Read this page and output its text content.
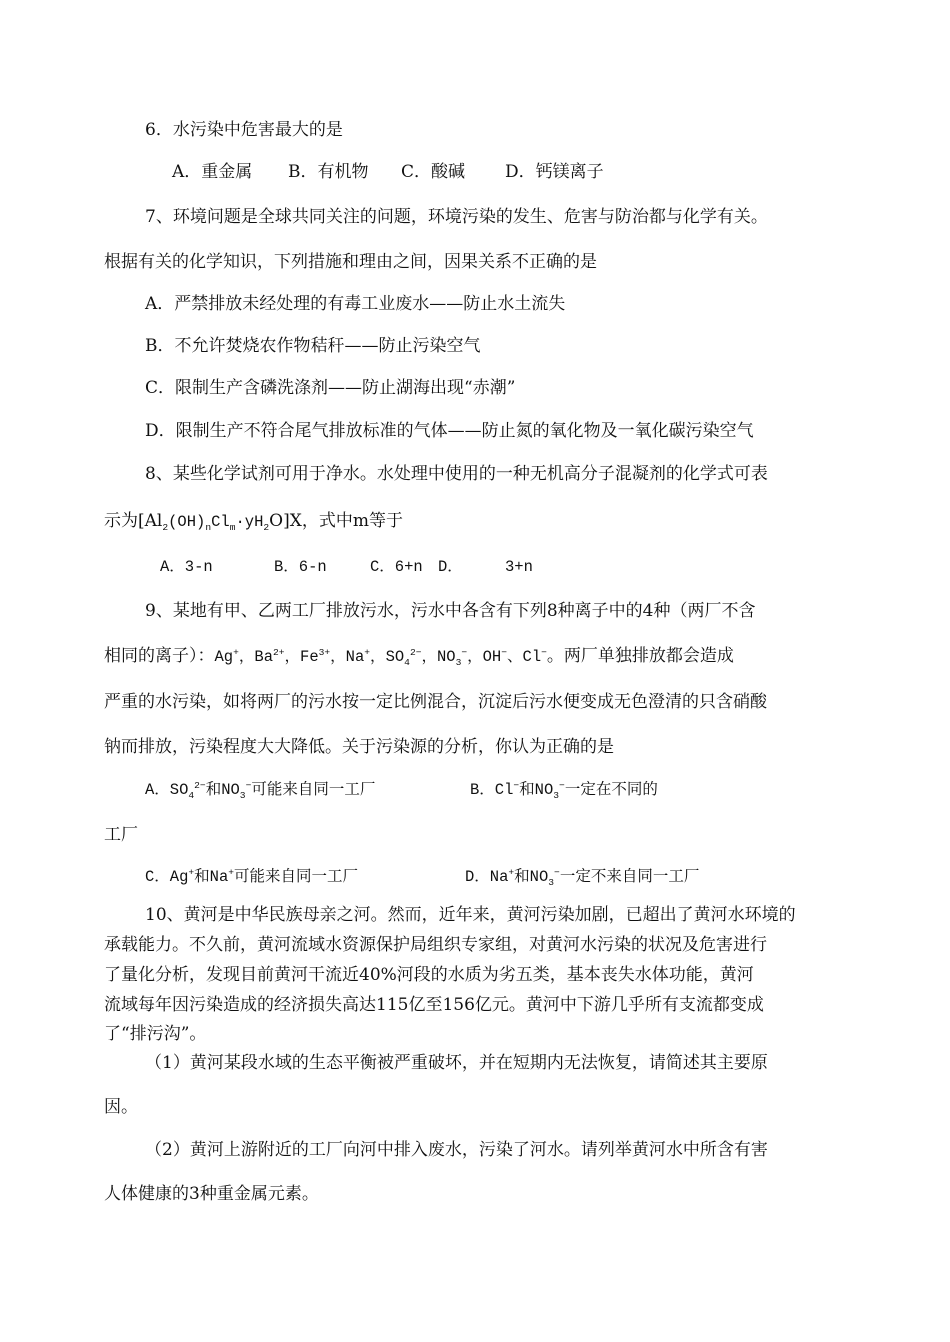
6．水污染中危害最大的是
A．重金属 B．有机物 C．酸碱 D．钙镁离子
7、环境问题是全球共同关注的问题，环境污染的发生、危害与防治都与化学有关。
根据有关的化学知识，下列措施和理由之间，因果关系不正确的是
A．严禁排放未经处理的有毒工业废水——防止水土流失
B．不允许焚烧农作物秸秆——防止污染空气
C．限制生产含磷洗涤剂——防止湖海出现“赤潮”
D．限制生产不符合尾气排放标准的气体——防止氮的氧化物及一氧化碳污染空气
8、某些化学试剂可用于净水。水处理中使用的一种无机高分子混凝剂的化学式可表
示为$[Al_2(OH)_nCl_m\cdot yH_2O]X$，式中m等于
A．3-n	B．6-n	C．6+n D．	3+n
9、某地有甲、乙两工厂排放污水，污水中各含有下列8种离子中的4种（两厂不含
相同的离子）：Ag+，$Ba^{2+}$，$Fe^{3+}$，Na+，$SO_4^{2-}$，$NO_3^-$，OH−、Cl−。两厂单独排放都会造成
严重的水污染，如将两厂的污水按一定比例混合，沉淀后污水便变成无色澄清的只含硝酸
钠而排放，污染程度大大降低。关于污染源的分析，你认为正确的是
A．$SO_4^{2-}$和$NO_3^-$可能来自同一工厂	B．Cl−和$NO_3^-$一定在不同的
工厂
C．Ag+和Na+可能来自同一工厂	D．Na+和$NO_3^-$一定不来自同一工厂
10、黄河是中华民族母亲之河。然而，近年来，黄河污染加剧，已超出了黄河水环境的
承载能力。不久前，黄河流域水资源保护局组织专家组，对黄河水污染的状况及危害进行
了量化分析，发现目前黄河干流近40%河段的水质为劣五类，基本丧失水体功能，黄河
流域每年因污染造成的经济损失高达115亿至156亿元。黄河中下游几乎所有支流都变成
了“排污沟”。
（1）黄河某段水域的生态平衡被严重破坏，并在短期内无法恢复，请简述其主要原
因。
（2）黄河上游附近的工厂向河中排入废水，污染了河水。请列举黄河水中所含有害
人体健康的3种重金属元素。
